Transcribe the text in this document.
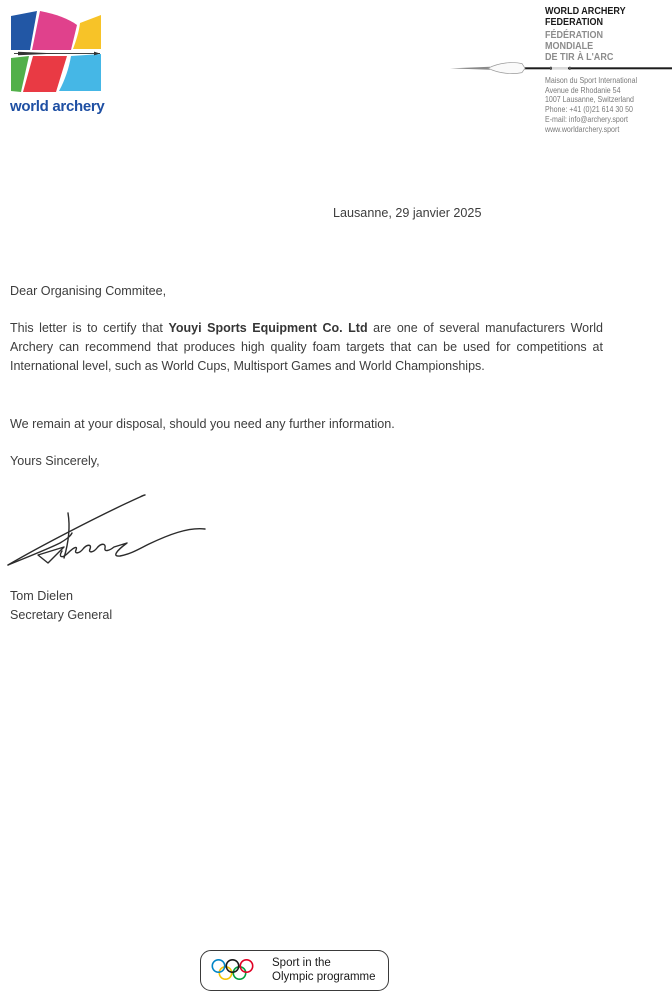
world archery
WORLD ARCHERY
FEDERATION
FÉDÉRATION
MONDIALE
DE TIR À L'ARC
Maison du Sport International
Avenue de Rhodanie 54
1007 Lausanne, Switzerland
Phone: +41 (0)21 614 30 50
E-mail: info@archery.sport
www.worldarchery.sport
Lausanne, 29 janvier 2025
Dear Organising Commitee,

This letter is to certify that Youyi Sports Equipment Co. Ltd are one of several manufacturers World Archery can recommend that produces high quality foam targets that can be used for competitions at International level, such as World Cups, Multisport Games and World Championships.

We remain at your disposal, should you need any further information.
Yours Sincerely,
Tom Dielen
Secretary General
Sport in the
Olympic programme
